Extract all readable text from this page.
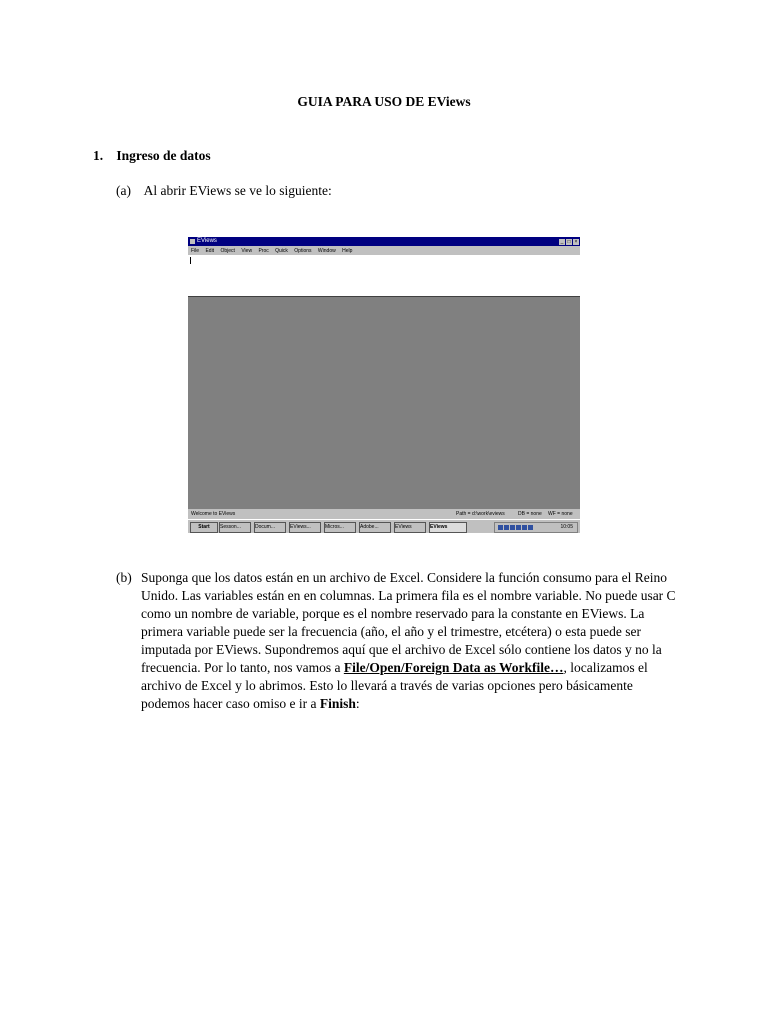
GUIA PARA USO DE EViews
1. Ingreso de datos
(a) Al abrir EViews se ve lo siguiente:
EViews	_ □ ×
File Edit Object View Proc Quick Options Window Help
Welcome to EViews	Path = d:\work\eviews	DB = none WF = none
Start	Sesson...	Docum...	EViews...	Micros...	Adobe...	EViews	EViews	10:05
(b) Suponga que los datos están en un archivo de Excel. Considere la función consumo para el Reino Unido. Las variables están en en columnas. La primera fila es el nombre variable. No puede usar C como un nombre de variable, porque es el nombre reservado para la constante en EViews. La primera variable puede ser la frecuencia (año, el año y el trimestre, etcétera) o esta puede ser imputada por EViews. Supondremos aquí que el archivo de Excel sólo contiene los datos y no la frecuencia. Por lo tanto, nos vamos a File/Open/Foreign Data as Workfile…, localizamos el archivo de Excel y lo abrimos. Esto lo llevará a través de varias opciones pero básicamente podemos hacer caso omiso e ir a Finish:
